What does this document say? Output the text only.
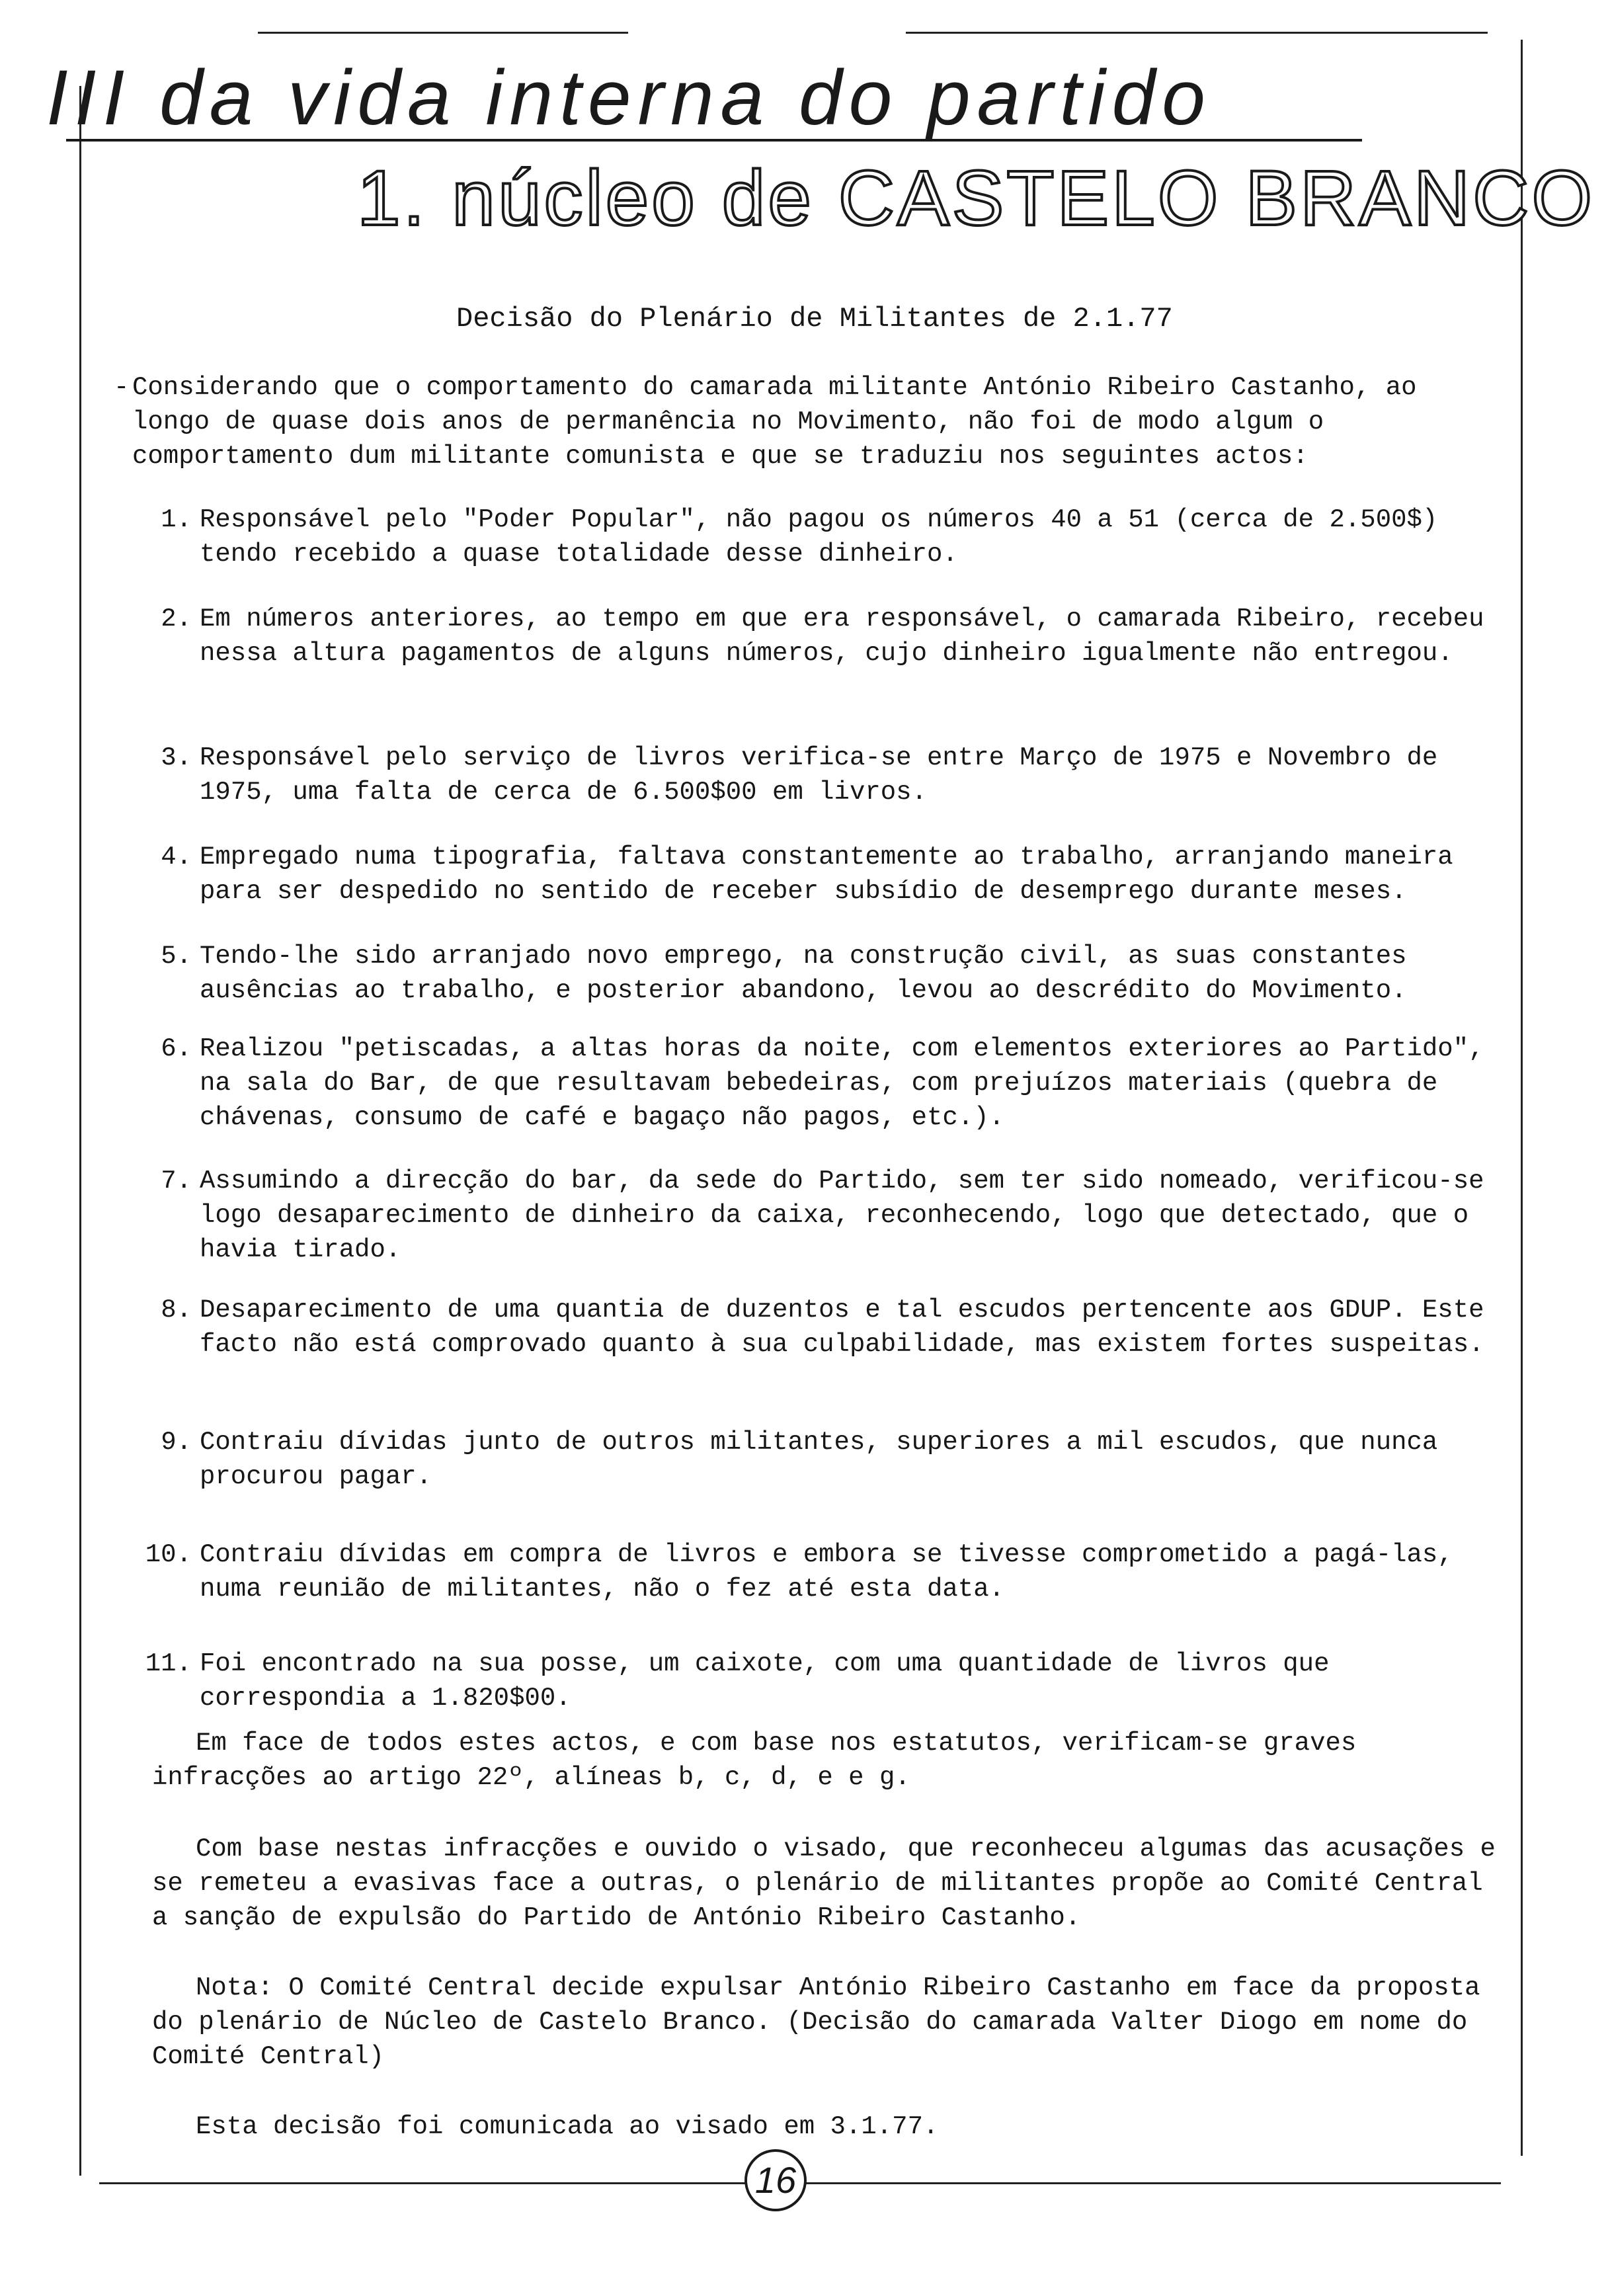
III da vida interna do partido
1. núcleo de CASTELO BRANCO
Decisão do Plenário de Militantes de 2.1.77
- Considerando que o comportamento do camarada militante António Ribeiro Castanho, ao longo de quase dois anos de permanência no Movimento, não foi de modo algum o comportamento dum militante comunista e que se traduziu nos seguintes actos:
1. Responsável pelo "Poder Popular", não pagou os números 40 a 51 (cerca de 2.500$) tendo recebido a quase totalidade desse dinheiro.
2. Em números anteriores, ao tempo em que era responsável, o camarada Ribeiro, recebeu nessa altura pagamentos de alguns números, cujo dinheiro igualmente não entregou.
3. Responsável pelo serviço de livros verifica-se entre Março de 1975 e Novembro de 1975, uma falta de cerca de 6.500$00 em livros.
4. Empregado numa tipografia, faltava constantemente ao trabalho, arranjando maneira para ser despedido no sentido de receber subsídio de desemprego durante meses.
5. Tendo-lhe sido arranjado novo emprego, na construção civil, as suas constantes ausências ao trabalho, e posterior abandono, levou ao descrédito do Movimento.
6. Realizou "petiscadas, a altas horas da noite, com elementos exteriores ao Partido", na sala do Bar, de que resultavam bebedeiras, com prejuízos materiais (quebra de chávenas, consumo de café e bagaço não pagos, etc.).
7. Assumindo a direcção do bar, da sede do Partido, sem ter sido nomeado, verificou-se logo desaparecimento de dinheiro da caixa, reconhecendo, logo que detectado, que o havia tirado.
8. Desaparecimento de uma quantia de duzentos e tal escudos pertencente aos GDUP. Este facto não está comprovado quanto à sua culpabilidade, mas existem fortes suspeitas.
9. Contraiu dívidas junto de outros militantes, superiores a mil escudos, que nunca procurou pagar.
10. Contraiu dívidas em compra de livros e embora se tivesse comprometido a pagá-las, numa reunião de militantes, não o fez até esta data.
11. Foi encontrado na sua posse, um caixote, com uma quantidade de livros que correspondia a 1.820$00.

Em face de todos estes actos, e com base nos estatutos, verificam-se graves infracções ao artigo 22º, alíneas b, c, d, e e g.

Com base nestas infracções e ouvido o visado, que reconheceu algumas das acusações e se remeteu a evasivas face a outras, o plenário de militantes propõe ao Comité Central a sanção de expulsão do Partido de António Ribeiro Castanho.

Nota: O Comité Central decide expulsar António Ribeiro Castanho em face da proposta do plenário de Núcleo de Castelo Branco. (Decisão do camarada Valter Diogo em nome do Comité Central)

Esta decisão foi comunicada ao visado em 3.1.77.

16
